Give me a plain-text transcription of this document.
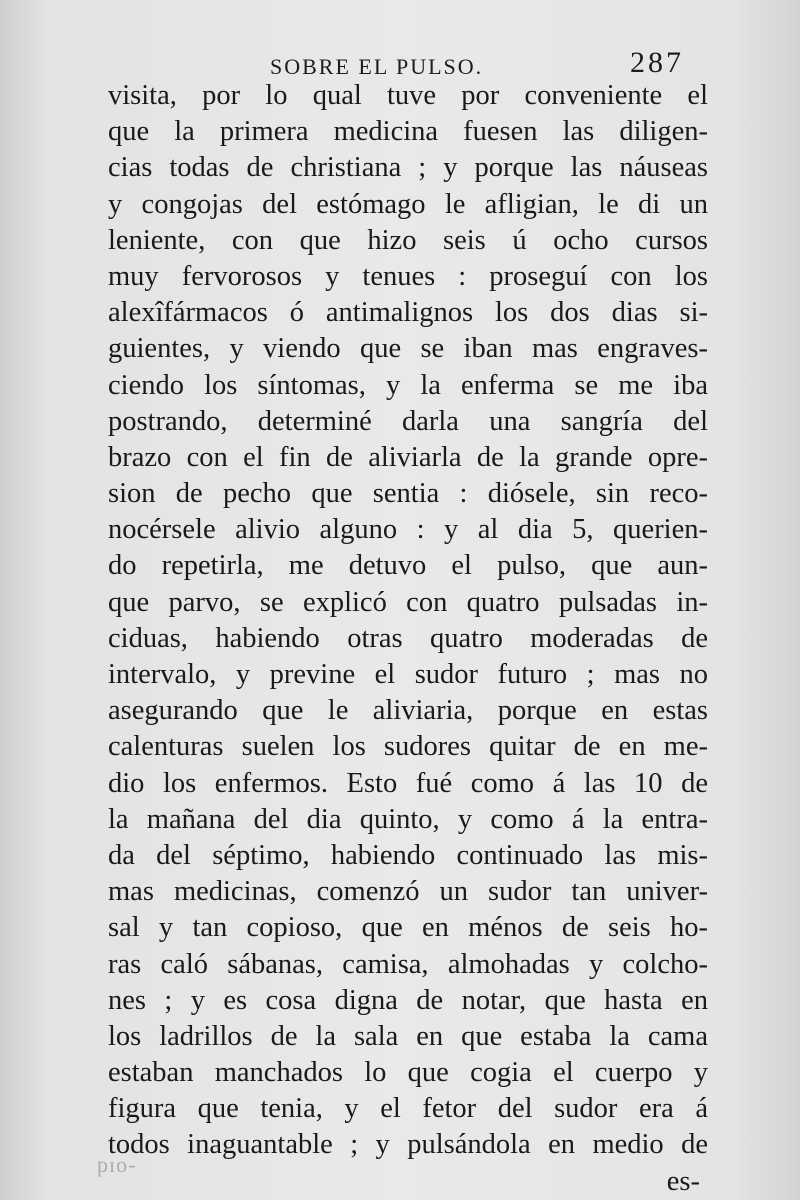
SOBRE EL PULSO.	287
visita, por lo qual tuve por conveniente el
que la primera medicina fuesen las diligen-
cias todas de christiana ; y porque las náuseas
y congojas del estómago le afligian, le di un
leniente, con que hizo seis ú ocho cursos
muy fervorosos y tenues : proseguí con los
alexîfármacos ó antimalignos los dos dias si-
guientes, y viendo que se iban mas engraves-
ciendo los síntomas, y la enferma se me iba
postrando, determiné darla una sangría del
brazo con el fin de aliviarla de la grande opre-
sion de pecho que sentia : diósele, sin reco-
nocérsele alivio alguno : y al dia 5, querien-
do repetirla, me detuvo el pulso, que aun-
que parvo, se explicó con quatro pulsadas in-
ciduas, habiendo otras quatro moderadas de
intervalo, y previne el sudor futuro ; mas no
asegurando que le aliviaria, porque en estas
calenturas suelen los sudores quitar de en me-
dio los enfermos. Esto fué como á las 10 de
la mañana del dia quinto, y como á la entra-
da del séptimo, habiendo continuado las mis-
mas medicinas, comenzó un sudor tan univer-
sal y tan copioso, que en ménos de seis ho-
ras caló sábanas, camisa, almohadas y colcho-
nes ; y es cosa digna de notar, que hasta en
los ladrillos de la sala en que estaba la cama
estaban manchados lo que cogia el cuerpo y
figura que tenia, y el fetor del sudor era á
todos inaguantable ; y pulsándola en medio de
es-
-oɪq
